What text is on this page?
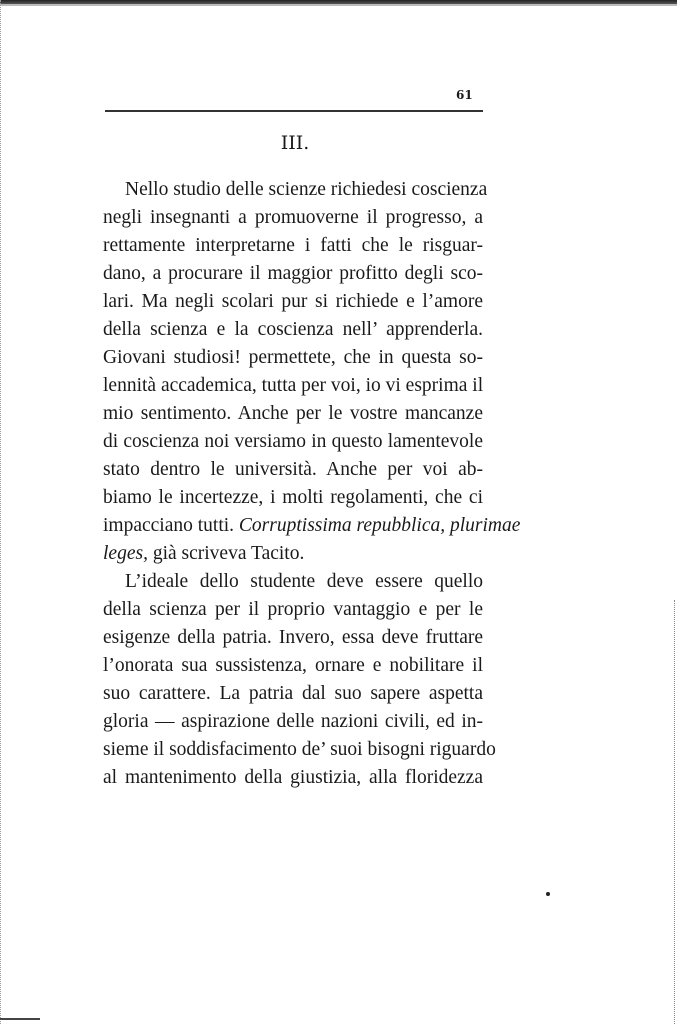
61
III.
Nello studio delle scienze richiedesi coscienza
negli insegnanti a promuoverne il progresso, a
rettamente interpretarne i fatti che le risguar-
dano, a procurare il maggior profitto degli sco-
lari. Ma negli scolari pur si richiede e l’amore
della scienza e la coscienza nell’ apprenderla.
Giovani studiosi! permettete, che in questa so-
lennità accademica, tutta per voi, io vi esprima il
mio sentimento. Anche per le vostre mancanze
di coscienza noi versiamo in questo lamentevole
stato dentro le università. Anche per voi ab-
biamo le incertezze, i molti regolamenti, che ci
impacciano tutti. Corruptissima repubblica, plurimae
leges, già scriveva Tacito.
L’ideale dello studente deve essere quello
della scienza per il proprio vantaggio e per le
esigenze della patria. Invero, essa deve fruttare
l’onorata sua sussistenza, ornare e nobilitare il
suo carattere. La patria dal suo sapere aspetta
gloria — aspirazione delle nazioni civili, ed in-
sieme il soddisfacimento de’ suoi bisogni riguardo
al mantenimento della giustizia, alla floridezza
